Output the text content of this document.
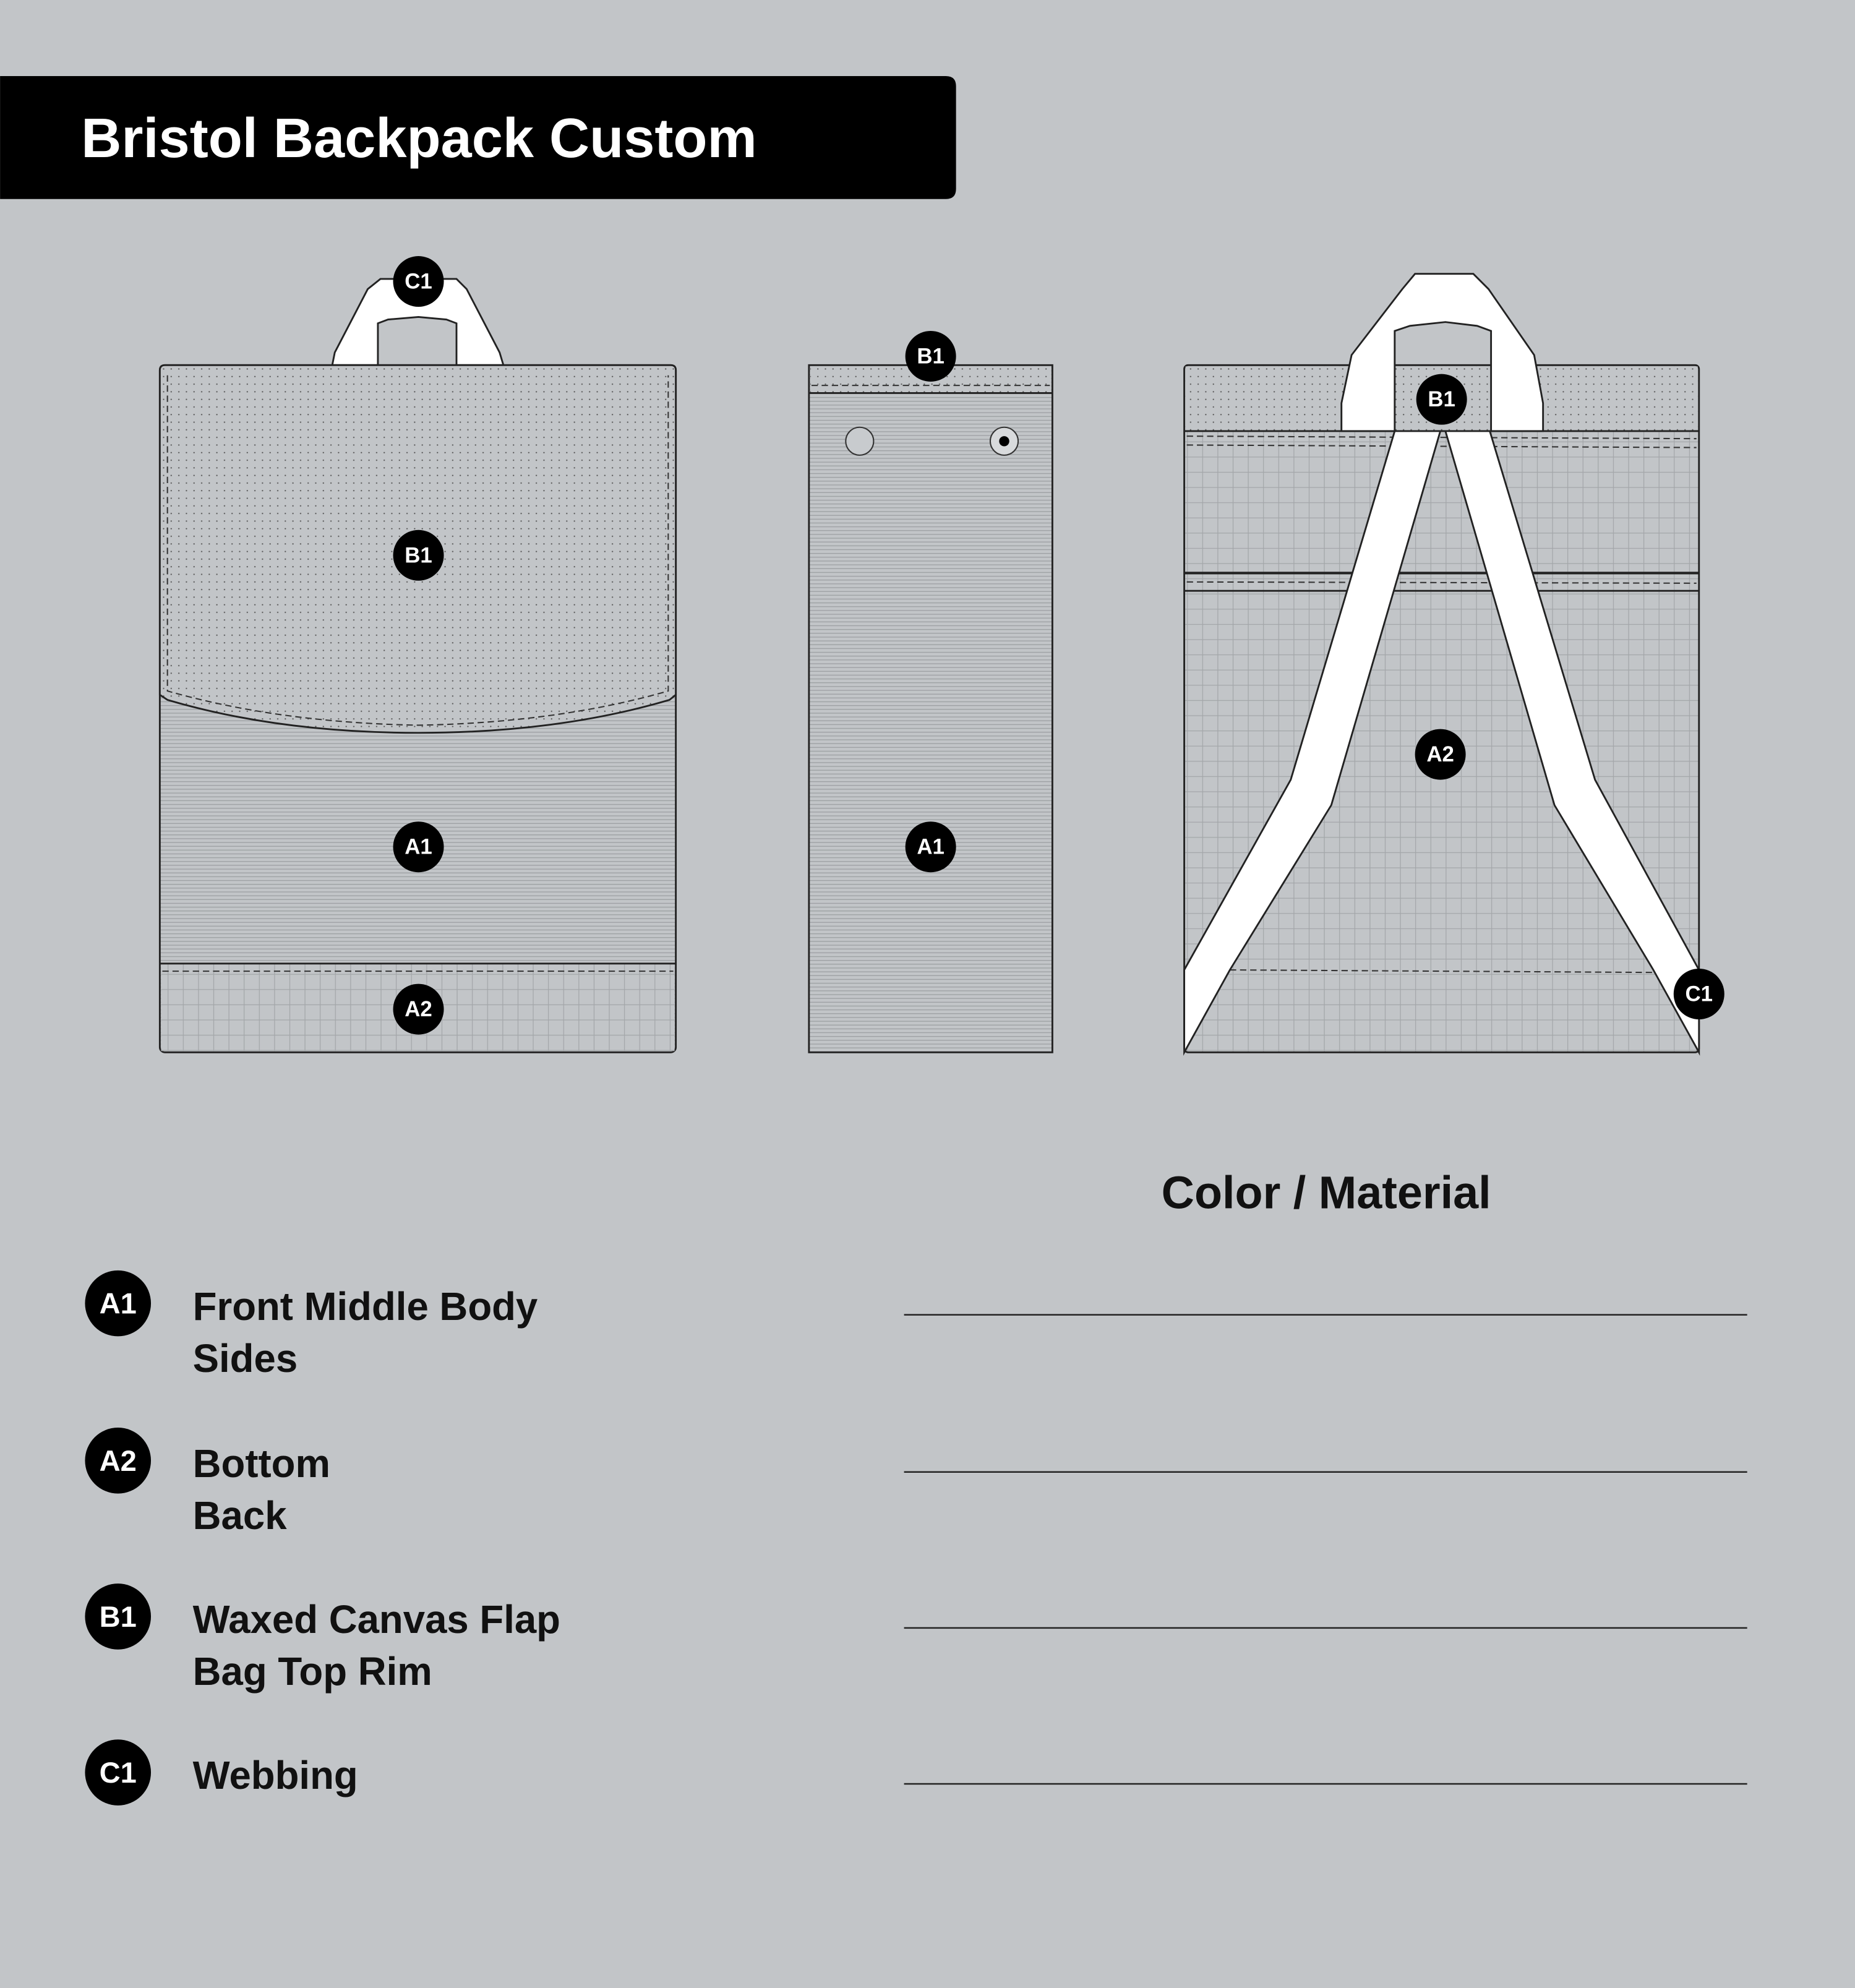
Bristol Backpack Custom
C1
B1
A1
A2
B1
A1
B1
A2
C1
Color / Material
A1	Front Middle Body
Sides
A2	Bottom
Back
B1	Waxed Canvas Flap
Bag Top Rim
C1	Webbing
